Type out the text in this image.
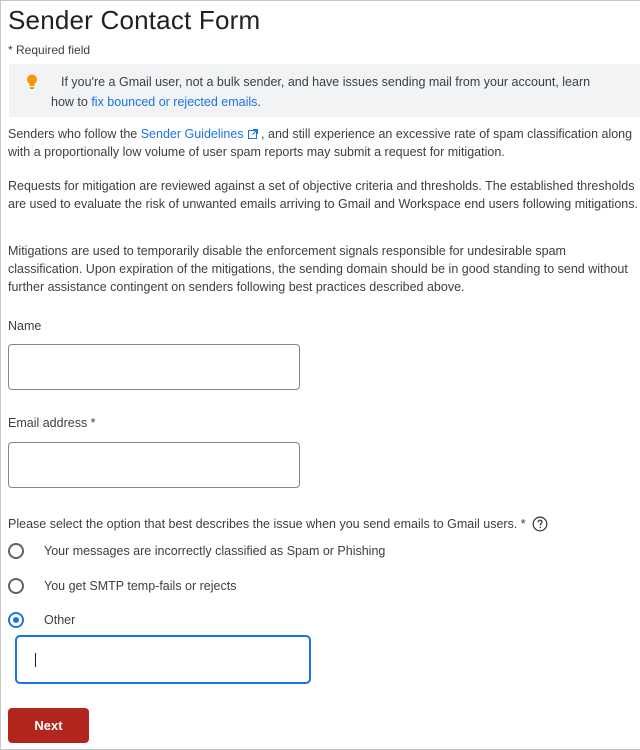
Sender Contact Form
* Required field
If you're a Gmail user, not a bulk sender, and have issues sending mail from your account, learn
how to fix bounced or rejected emails.
Senders who follow the Sender Guidelines , and still experience an excessive rate of spam classification along with a proportionally low volume of user spam reports may submit a request for mitigation.
Requests for mitigation are reviewed against a set of objective criteria and thresholds. The established thresholds are used to evaluate the risk of unwanted emails arriving to Gmail and Workspace end users following mitigations.
Mitigations are used to temporarily disable the enforcement signals responsible for undesirable spam classification. Upon expiration of the mitigations, the sending domain should be in good standing to send without further assistance contingent on senders following best practices described above.
Name
Email address *
Please select the option that best describes the issue when you send emails to Gmail users. *
Your messages are incorrectly classified as Spam or Phishing
You get SMTP temp-fails or rejects
Other
Next
